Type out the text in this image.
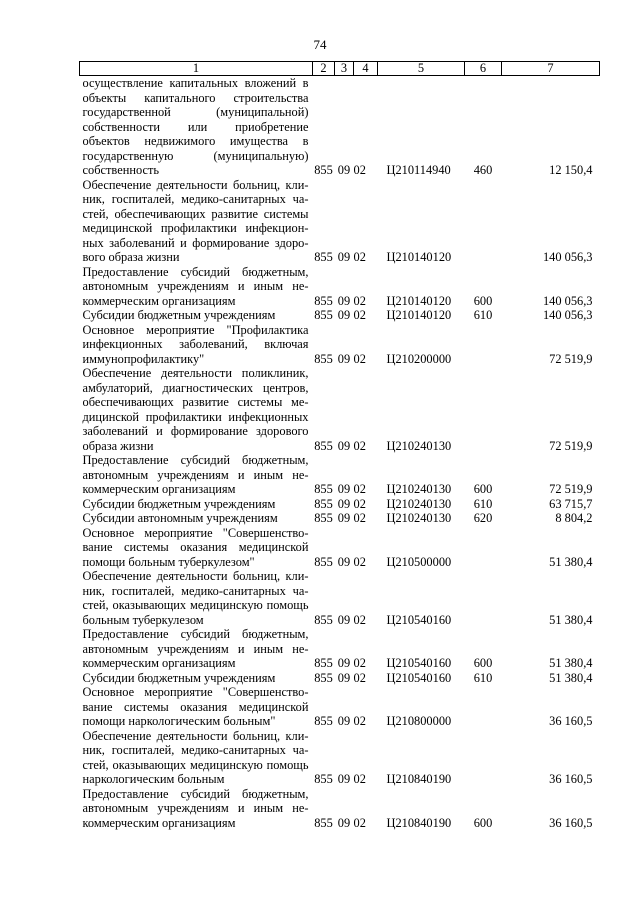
74
1	2	3	4	5	6	7
осуществление капитальных вложений в объекты капитального строительства государственной (муниципальной) собственности или приобретение объектов недвижимого имущества в государственную (муниципальную) собственность	855	09	02	Ц210114940	460	12 150,4
Обеспечение деятельности больниц, клиник, госпиталей, медико-санитарных частей, обеспечивающих развитие системы медицинской профилактики инфекционных заболеваний и формирование здорового образа жизни	855	09	02	Ц210140120		140 056,3
Предоставление субсидий бюджетным, автономным учреждениям и иным некоммерческим организациям	855	09	02	Ц210140120	600	140 056,3
Субсидии бюджетным учреждениям	855	09	02	Ц210140120	610	140 056,3
Основное мероприятие "Профилактика инфекционных заболеваний, включая иммунопрофилактику"	855	09	02	Ц210200000		72 519,9
Обеспечение деятельности поликлиник, амбулаторий, диагностических центров, обеспечивающих развитие системы медицинской профилактики инфекционных заболеваний и формирование здорового образа жизни	855	09	02	Ц210240130		72 519,9
Предоставление субсидий бюджетным, автономным учреждениям и иным некоммерческим организациям	855	09	02	Ц210240130	600	72 519,9
Субсидии бюджетным учреждениям	855	09	02	Ц210240130	610	63 715,7
Субсидии автономным учреждениям	855	09	02	Ц210240130	620	8 804,2
Основное мероприятие "Совершенствование системы оказания медицинской помощи больным туберкулезом"	855	09	02	Ц210500000		51 380,4
Обеспечение деятельности больниц, клиник, госпиталей, медико-санитарных частей, оказывающих медицинскую помощь больным туберкулезом	855	09	02	Ц210540160		51 380,4
Предоставление субсидий бюджетным, автономным учреждениям и иным некоммерческим организациям	855	09	02	Ц210540160	600	51 380,4
Субсидии бюджетным учреждениям	855	09	02	Ц210540160	610	51 380,4
Основное мероприятие "Совершенствование системы оказания медицинской помощи наркологическим больным"	855	09	02	Ц210800000		36 160,5
Обеспечение деятельности больниц, клиник, госпиталей, медико-санитарных частей, оказывающих медицинскую помощь наркологическим больным	855	09	02	Ц210840190		36 160,5
Предоставление субсидий бюджетным, автономным учреждениям и иным некоммерческим организациям	855	09	02	Ц210840190	600	36 160,5
